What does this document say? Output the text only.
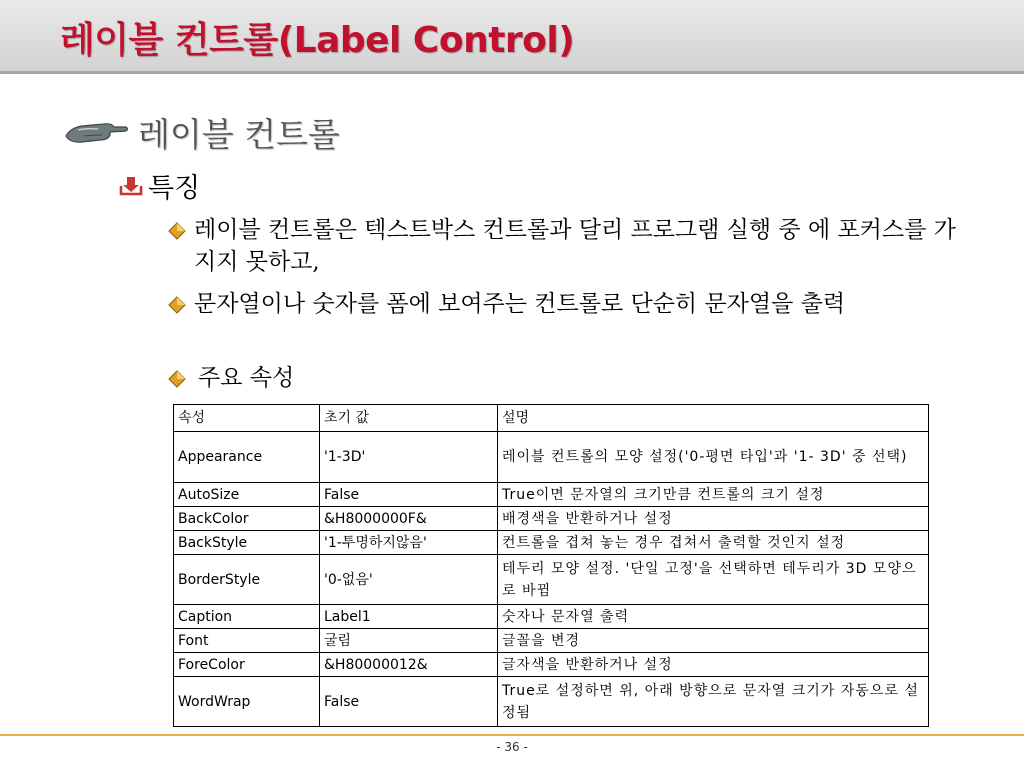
레이블 컨트롤(Label Control)
레이블 컨트롤
특징
레이블 컨트롤은 텍스트박스 컨트롤과 달리 프로그램 실행 중 에 포커스를 가지지 못하고,
문자열이나 숫자를 폼에 보여주는 컨트롤로 단순히 문자열을 출력
주요 속성
속성	초기 값	설명
Appearance	'1-3D'	레이블 컨트롤의 모양 설정('0-평면 타입'과 '1- 3D' 중 선택)
AutoSize	False	True이면 문자열의 크기만큼 컨트롤의 크기 설정
BackColor	&H8000000F&	배경색을 반환하거나 설정
BackStyle	'1-투명하지않음'	컨트롤을 겹쳐 놓는 경우 겹쳐서 출력할 것인지 설정
BorderStyle	'0-없음'	테두리 모양 설정. '단일 고정'을 선택하면 테두리가 3D 모양으로 바뀜
Caption	Label1	숫자나 문자열 출력
Font	굴림	글꼴을 변경
ForeColor	&H80000012&	글자색을 반환하거나 설정
WordWrap	False	True로 설정하면 위, 아래 방향으로 문자열 크기가 자동으로 설정됨
- 36 -
